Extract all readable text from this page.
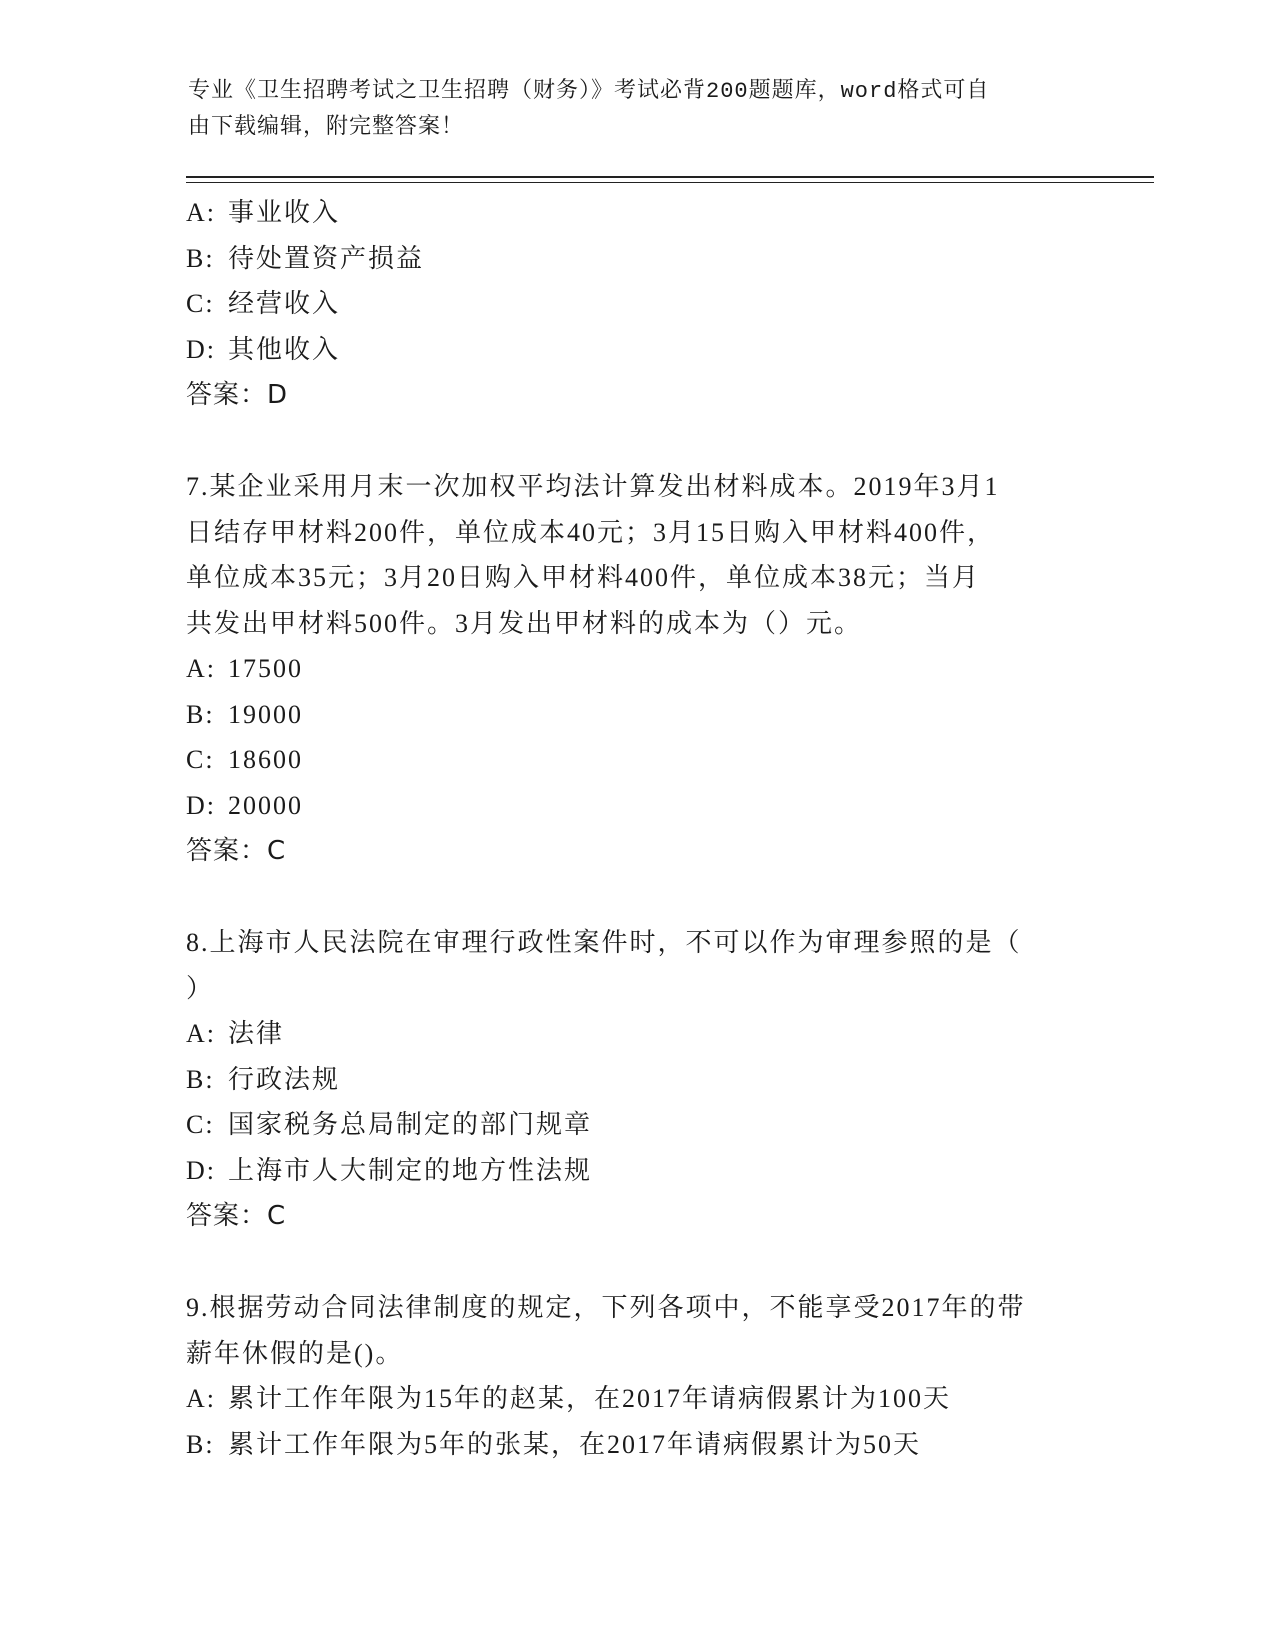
专业《卫生招聘考试之卫生招聘（财务）》考试必背200题题库，word格式可自
由下载编辑，附完整答案！
A: 事业收入
B: 待处置资产损益
C: 经营收入
D: 其他收入
答案：D
7.某企业采用月末一次加权平均法计算发出材料成本。2019年3月1
日结存甲材料200件，单位成本40元；3月15日购入甲材料400件，
单位成本35元；3月20日购入甲材料400件，单位成本38元；当月
共发出甲材料500件。3月发出甲材料的成本为（）元。
A: 17500
B: 19000
C: 18600
D: 20000
答案：C
8.上海市人民法院在审理行政性案件时，不可以作为审理参照的是（
）
A: 法律
B: 行政法规
C: 国家税务总局制定的部门规章
D: 上海市人大制定的地方性法规
答案：C
9.根据劳动合同法律制度的规定，下列各项中，不能享受2017年的带
薪年休假的是()。
A: 累计工作年限为15年的赵某，在2017年请病假累计为100天
B: 累计工作年限为5年的张某，在2017年请病假累计为50天
